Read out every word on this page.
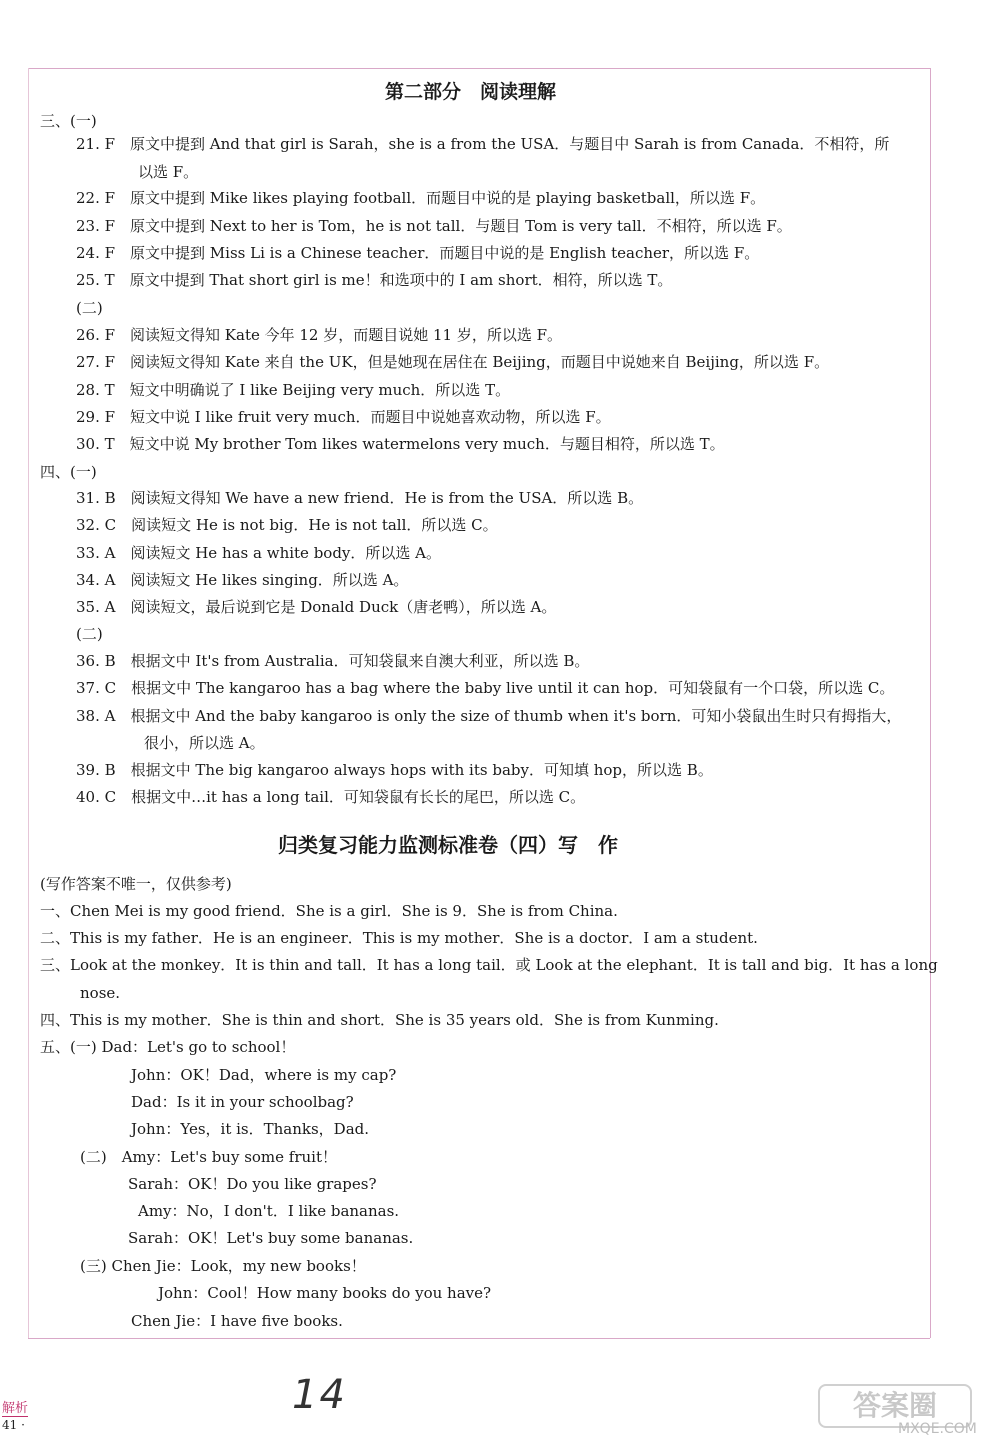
第二部分　阅读理解
三、(一)
21. F　原文中提到 And that girl is Sarah，she is a from the USA．与题目中 Sarah is from Canada．不相符，所
以选 F。
22. F　原文中提到 Mike likes playing football．而题目中说的是 playing basketball，所以选 F。
23. F　原文中提到 Next to her is Tom，he is not tall．与题目 Tom is very tall．不相符，所以选 F。
24. F　原文中提到 Miss Li is a Chinese teacher．而题目中说的是 English teacher，所以选 F。
25. T　原文中提到 That short girl is me！和选项中的 I am short．相符，所以选 T。
(二)
26. F　阅读短文得知 Kate 今年 12 岁，而题目说她 11 岁，所以选 F。
27. F　阅读短文得知 Kate 来自 the UK，但是她现在居住在 Beijing，而题目中说她来自 Beijing，所以选 F。
28. T　短文中明确说了 I like Beijing very much．所以选 T。
29. F　短文中说 I like fruit very much．而题目中说她喜欢动物，所以选 F。
30. T　短文中说 My brother Tom likes watermelons very much．与题目相符，所以选 T。
四、(一)
31. B　阅读短文得知 We have a new friend．He is from the USA．所以选 B。
32. C　阅读短文 He is not big．He is not tall．所以选 C。
33. A　阅读短文 He has a white body．所以选 A。
34. A　阅读短文 He likes singing．所以选 A。
35. A　阅读短文，最后说到它是 Donald Duck（唐老鸭），所以选 A。
(二)
36. B　根据文中 It's from Australia．可知袋鼠来自澳大利亚，所以选 B。
37. C　根据文中 The kangaroo has a bag where the baby live until it can hop．可知袋鼠有一个口袋，所以选 C。
38. A　根据文中 And the baby kangaroo is only the size of thumb when it's born．可知小袋鼠出生时只有拇指大，
很小，所以选 A。
39. B　根据文中 The big kangaroo always hops with its baby．可知填 hop，所以选 B。
40. C　根据文中…it has a long tail．可知袋鼠有长长的尾巴，所以选 C。
归类复习能力监测标准卷（四）写　作
(写作答案不唯一，仅供参考)
一、Chen Mei is my good friend．She is a girl．She is 9．She is from China.
二、This is my father．He is an engineer．This is my mother．She is a doctor．I am a student.
三、Look at the monkey．It is thin and tall．It has a long tail．或 Look at the elephant．It is tall and big．It has a long
nose.
四、This is my mother．She is thin and short．She is 35 years old．She is from Kunming.
五、(一) Dad：Let's go to school！
John：OK！Dad，where is my cap?
Dad：Is it in your schoolbag?
John：Yes，it is．Thanks，Dad.
(二)　Amy：Let's buy some fruit！
Sarah：OK！Do you like grapes?
Amy：No，I don't．I like bananas.
Sarah：OK！Let's buy some bananas.
(三) Chen Jie：Look，my new books！
John：Cool！How many books do you have?
Chen Jie：I have five books.
解析
41 ·
14	答案圈
MXQE.COM
